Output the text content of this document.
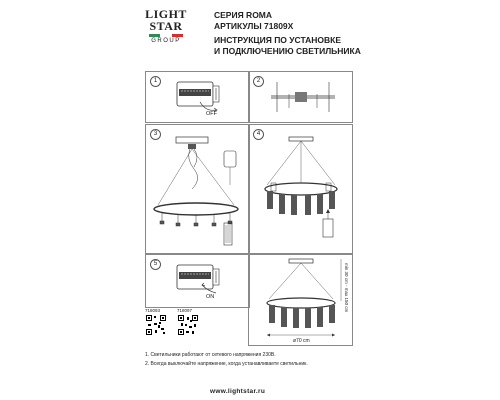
LIGHT
STAR
GROUP
СЕРИЯ ROMA
АРТИКУЛЫ 71809X
ИНСТРУКЦИЯ ПО УСТАНОВКЕ
И ПОДКЛЮЧЕНИЮ СВЕТИЛЬНИКА
1
OFF
2
3	4
5
ON	min 30 cm - max 150 cm
ø70 cm
718093	718097
1. Светильники работают от сетевого напряжения 230В.
2. Всегда выключайте напряжение, когда устанавливаете светильник.
www.lightstar.ru
